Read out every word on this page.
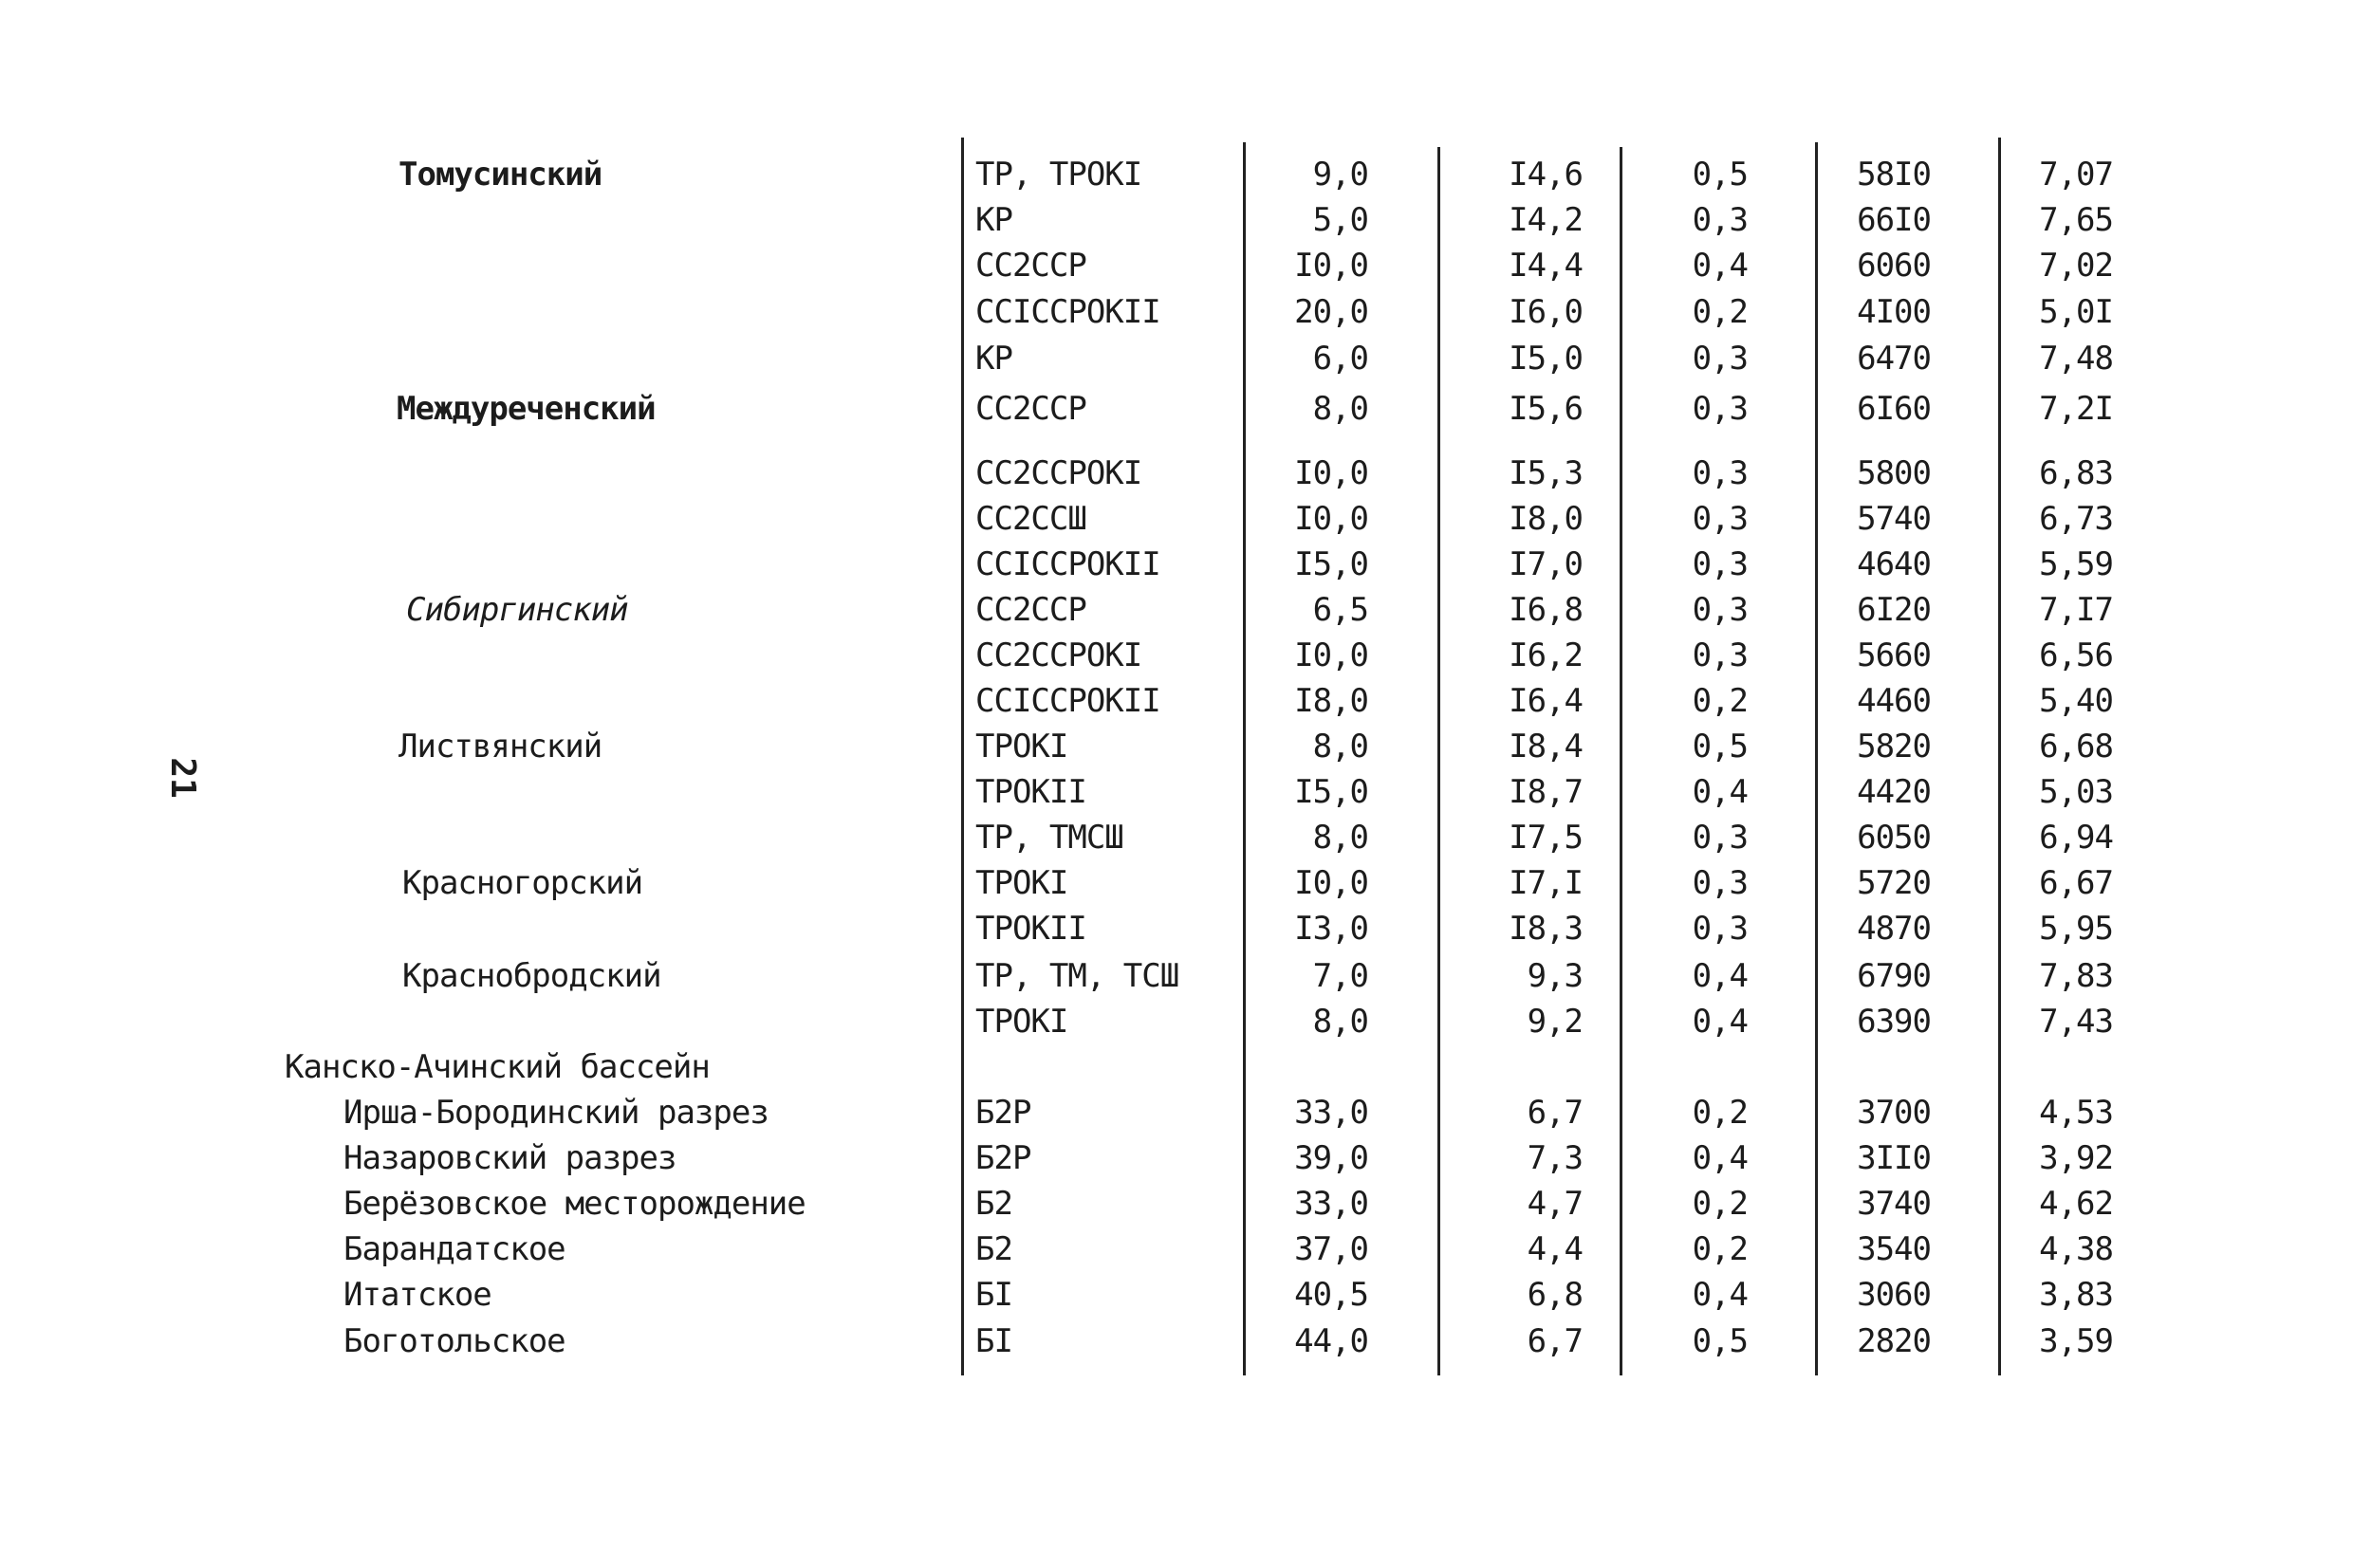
21
Томусинский	ТР, ТРОКI	9,0	I4,6	0,5	58I0	7,07
КР	5,0	I4,2	0,3	66I0	7,65
СС2ССР	I0,0	I4,4	0,4	6060	7,02
ССIССРОКII	20,0	I6,0	0,2	4I00	5,0I
КР	6,0	I5,0	0,3	6470	7,48
Междуреченский	СС2ССР	8,0	I5,6	0,3	6I60	7,2I
СС2ССРОКI	I0,0	I5,3	0,3	5800	6,83
СС2ССШ	I0,0	I8,0	0,3	5740	6,73
ССIССРОКII	I5,0	I7,0	0,3	4640	5,59
Сибиргинский	СС2ССР	6,5	I6,8	0,3	6I20	7,I7
СС2ССРОКI	I0,0	I6,2	0,3	5660	6,56
ССIССРОКII	I8,0	I6,4	0,2	4460	5,40
Листвянский	ТРОКI	8,0	I8,4	0,5	5820	6,68
ТРОКII	I5,0	I8,7	0,4	4420	5,03
ТР, ТМСШ	8,0	I7,5	0,3	6050	6,94
Красногорский	ТРОКI	I0,0	I7,I	0,3	5720	6,67
ТРОКII	I3,0	I8,3	0,3	4870	5,95
Краснобродский	ТР, ТМ, ТСШ	7,0	9,3	0,4	6790	7,83
ТРОКI	8,0	9,2	0,4	6390	7,43
Канско-Ачинский бассейн
Ирша-Бородинский разрез	Б2Р	33,0	6,7	0,2	3700	4,53
Назаровский разрез	Б2Р	39,0	7,3	0,4	3II0	3,92
Берёзовское месторождение	Б2	33,0	4,7	0,2	3740	4,62
Барандатское	Б2	37,0	4,4	0,2	3540	4,38
Итатское	БI	40,5	6,8	0,4	3060	3,83
Боготольское	БI	44,0	6,7	0,5	2820	3,59
